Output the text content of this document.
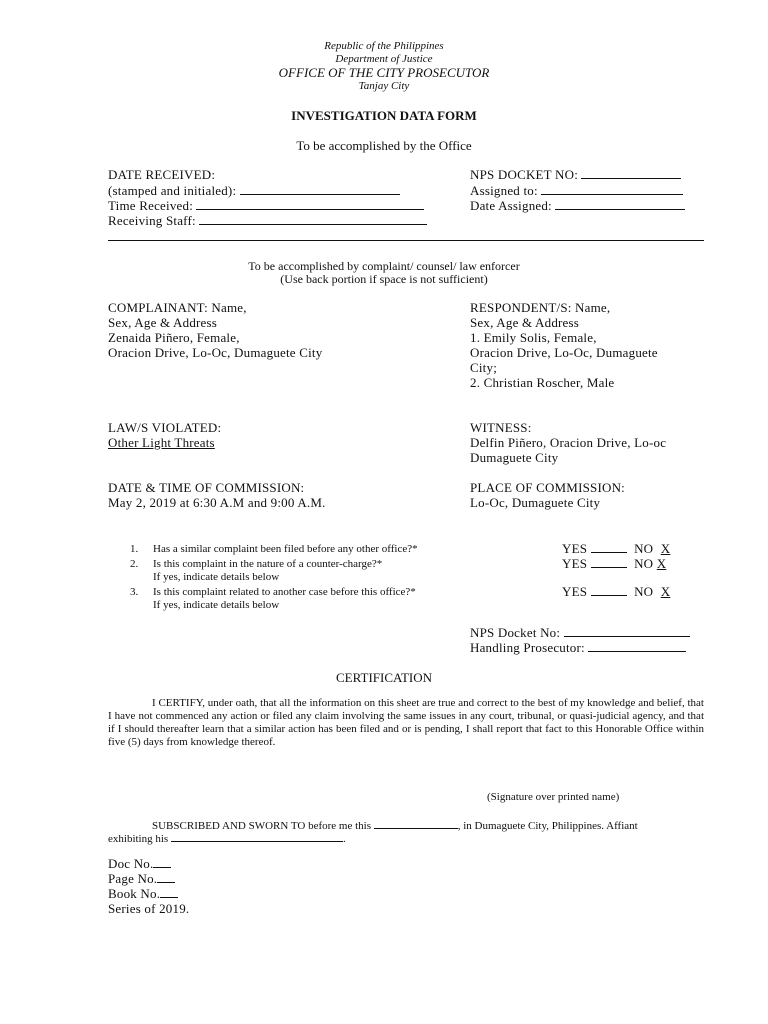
Republic of the Philippines
Department of Justice
OFFICE OF THE CITY PROSECUTOR
Tanjay City
INVESTIGATION DATA FORM
To be accomplished by the Office
DATE RECEIVED:
(stamped and initialed):
Time Received:
Receiving Staff:
NPS DOCKET NO:
Assigned to:
Date Assigned:
To be accomplished by complaint/ counsel/ law enforcer
(Use back portion if space is not sufficient)
COMPLAINANT: Name,
Sex, Age & Address
Zenaida Piñero, Female,
Oracion Drive, Lo-Oc, Dumaguete City
RESPONDENT/S: Name,
Sex, Age & Address
1. Emily Solis, Female,
Oracion Drive, Lo-Oc, Dumaguete
City;
2. Christian Roscher, Male
LAW/S VIOLATED:
Other Light Threats
WITNESS:
Delfin Piñero, Oracion Drive, Lo-oc
Dumaguete City
DATE & TIME OF COMMISSION:
May 2, 2019 at 6:30 A.M and 9:00 A.M.
PLACE OF COMMISSION:
Lo-Oc, Dumaguete City
1. Has a similar complaint been filed before any other office?*	YES	NO X
2. Is this complaint in the nature of a counter-charge?*
If yes, indicate details below
YES	NO X
3. Is this complaint related to another case before this office?*
If yes, indicate details below
YES	NO X
NPS Docket No:
Handling Prosecutor:
CERTIFICATION
I CERTIFY, under oath, that all the information on this sheet are true and correct to the best of my knowledge and belief, that I have not commenced any action or filed any claim involving the same issues in any court, tribunal, or quasi-judicial agency, and that if I should thereafter learn that a similar action has been filed and or is pending, I shall report that fact to this Honorable Office within five (5) days from knowledge thereof.
(Signature over printed name)
SUBSCRIBED AND SWORN TO before me this	, in Dumaguete City, Philippines. Affiant
exhibiting his	.
Doc No.
Page No.
Book No.
Series of 2019.
